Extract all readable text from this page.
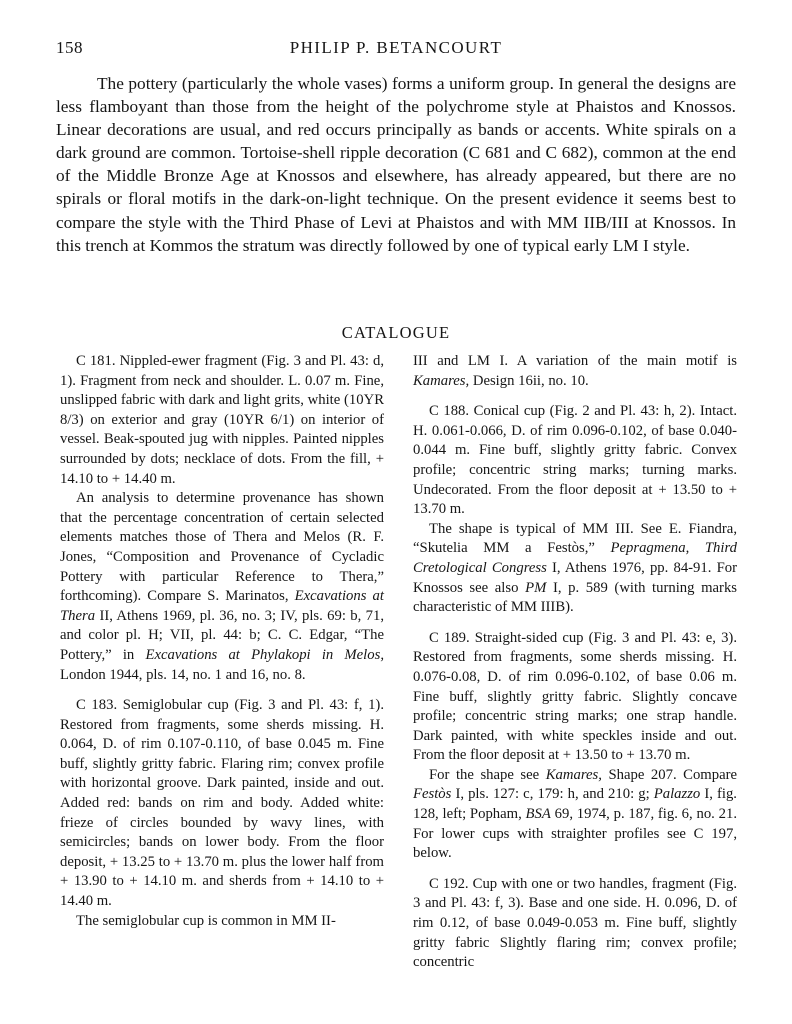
158	PHILIP P. BETANCOURT

The pottery (particularly the whole vases) forms a uniform group. In general the designs are less flamboyant than those from the height of the polychrome style at Phaistos and Knossos. Linear decorations are usual, and red occurs principally as bands or accents. White spirals on a dark ground are common. Tortoise-shell ripple decoration (C 681 and C 682), common at the end of the Middle Bronze Age at Knossos and elsewhere, has already appeared, but there are no spirals or floral motifs in the dark-on-light technique. On the present evidence it seems best to compare the style with the Third Phase of Levi at Phaistos and with MM IIB/III at Knossos. In this trench at Kommos the stratum was directly followed by one of typical early LM I style.

CATALOGUE

C 181. Nippled-ewer fragment (Fig. 3 and Pl. 43: d, 1). Fragment from neck and shoulder. L. 0.07 m. Fine, unslipped fabric with dark and light grits, white (10YR 8/3) on exterior and gray (10YR 6/1) on interior of vessel. Beak-spouted jug with nipples. Painted nipples surrounded by dots; necklace of dots. From the fill, + 14.10 to + 14.40 m.

An analysis to determine provenance has shown that the percentage concentration of certain selected elements matches those of Thera and Melos (R. F. Jones, “Composition and Provenance of Cycladic Pottery with particular Reference to Thera,” forthcoming). Compare S. Marinatos, Excavations at Thera II, Athens 1969, pl. 36, no. 3; IV, pls. 69: b, 71, and color pl. H; VII, pl. 44: b; C. C. Edgar, “The Pottery,” in Excavations at Phylakopi in Melos, London 1944, pls. 14, no. 1 and 16, no. 8.

C 183. Semiglobular cup (Fig. 3 and Pl. 43: f, 1). Restored from fragments, some sherds missing. H. 0.064, D. of rim 0.107-0.110, of base 0.045 m. Fine buff, slightly gritty fabric. Flaring rim; convex profile with horizontal groove. Dark painted, inside and out. Added red: bands on rim and body. Added white: frieze of circles bounded by wavy lines, with semicircles; bands on lower body. From the floor deposit, + 13.25 to + 13.70 m. plus the lower half from + 13.90 to + 14.10 m. and sherds from + 14.10 to + 14.40 m.

The semiglobular cup is common in MM II-

III and LM I. A variation of the main motif is Kamares, Design 16ii, no. 10.

C 188. Conical cup (Fig. 2 and Pl. 43: h, 2). Intact. H. 0.061-0.066, D. of rim 0.096-0.102, of base 0.040-0.044 m. Fine buff, slightly gritty fabric. Convex profile; concentric string marks; turning marks. Undecorated. From the floor deposit at + 13.50 to + 13.70 m.

The shape is typical of MM III. See E. Fiandra, “Skutelia MM a Festòs,” Pepragmena, Third Cretological Congress I, Athens 1976, pp. 84-91. For Knossos see also PM I, p. 589 (with turning marks characteristic of MM IIIB).

C 189. Straight-sided cup (Fig. 3 and Pl. 43: e, 3). Restored from fragments, some sherds missing. H. 0.076-0.08, D. of rim 0.096-0.102, of base 0.06 m. Fine buff, slightly gritty fabric. Slightly concave profile; concentric string marks; one strap handle. Dark painted, with white speckles inside and out. From the floor deposit at + 13.50 to + 13.70 m.

For the shape see Kamares, Shape 207. Compare Festòs I, pls. 127: c, 179: h, and 210: g; Palazzo I, fig. 128, left; Popham, BSA 69, 1974, p. 187, fig. 6, no. 21. For lower cups with straighter profiles see C 197, below.

C 192. Cup with one or two handles, fragment (Fig. 3 and Pl. 43: f, 3). Base and one side. H. 0.096, D. of rim 0.12, of base 0.049-0.053 m. Fine buff, slightly gritty fabric Slightly flaring rim; convex profile; concentric
